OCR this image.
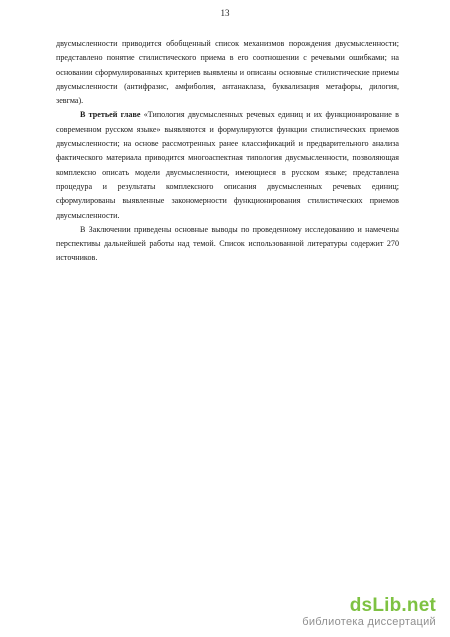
13

двусмысленности приводится обобщенный список механизмов порождения двусмысленности; представлено понятие стилистического приема в его соотношении с речевыми ошибками; на основании сформулированных критериев выявлены и описаны основные стилистические приемы двусмысленности (антифразис, амфиболия, антанаклаза, буквализация метафоры, дилогия, зевгма).

В третьей главе «Типология двусмысленных речевых единиц и их функционирование в современном русском языке» выявляются и формулируются функции стилистических приемов двусмысленности; на основе рассмотренных ранее классификаций и предварительного анализа фактического материала приводится многоаспектная типология двусмысленности, позволяющая комплексно описать модели двусмысленности, имеющиеся в русском языке; представлена процедура и результаты комплексного описания двусмысленных речевых единиц; сформулированы выявленные закономерности функционирования стилистических приемов двусмысленности.

В Заключении приведены основные выводы по проведенному исследованию и намечены перспективы дальнейшей работы над темой. Список использованной литературы содержит 270 источников.

dsLib.net
библиотека диссертаций
